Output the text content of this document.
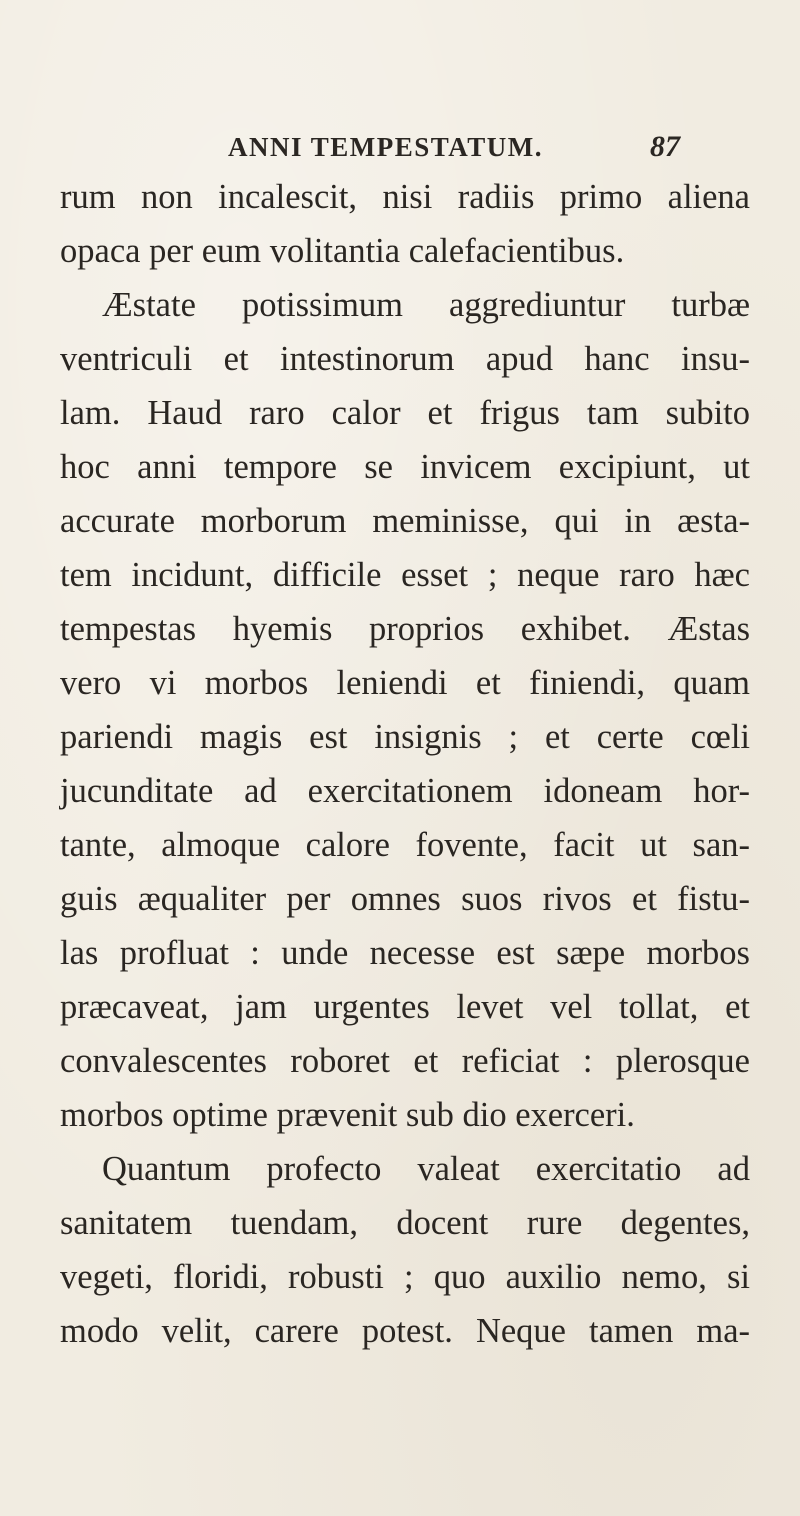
ANNI TEMPESTATUM.	87
rum non incalescit, nisi radiis primo aliena
opaca per eum volitantia calefacientibus.
Æstate potissimum aggrediuntur turbæ
ventriculi et intestinorum apud hanc insu-
lam. Haud raro calor et frigus tam subito
hoc anni tempore se invicem excipiunt, ut
accurate morborum meminisse, qui in æsta-
tem incidunt, difficile esset ; neque raro hæc
tempestas hyemis proprios exhibet. Æstas
vero vi morbos leniendi et finiendi, quam
pariendi magis est insignis ; et certe cœli
jucunditate ad exercitationem idoneam hor-
tante, almoque calore fovente, facit ut san-
guis æqualiter per omnes suos rivos et fistu-
las profluat : unde necesse est sæpe morbos
præcaveat, jam urgentes levet vel tollat, et
convalescentes roboret et reficiat : plerosque
morbos optime prævenit sub dio exerceri.
Quantum profecto valeat exercitatio ad
sanitatem tuendam, docent rure degentes,
vegeti, floridi, robusti ; quo auxilio nemo, si
modo velit, carere potest. Neque tamen ma-
